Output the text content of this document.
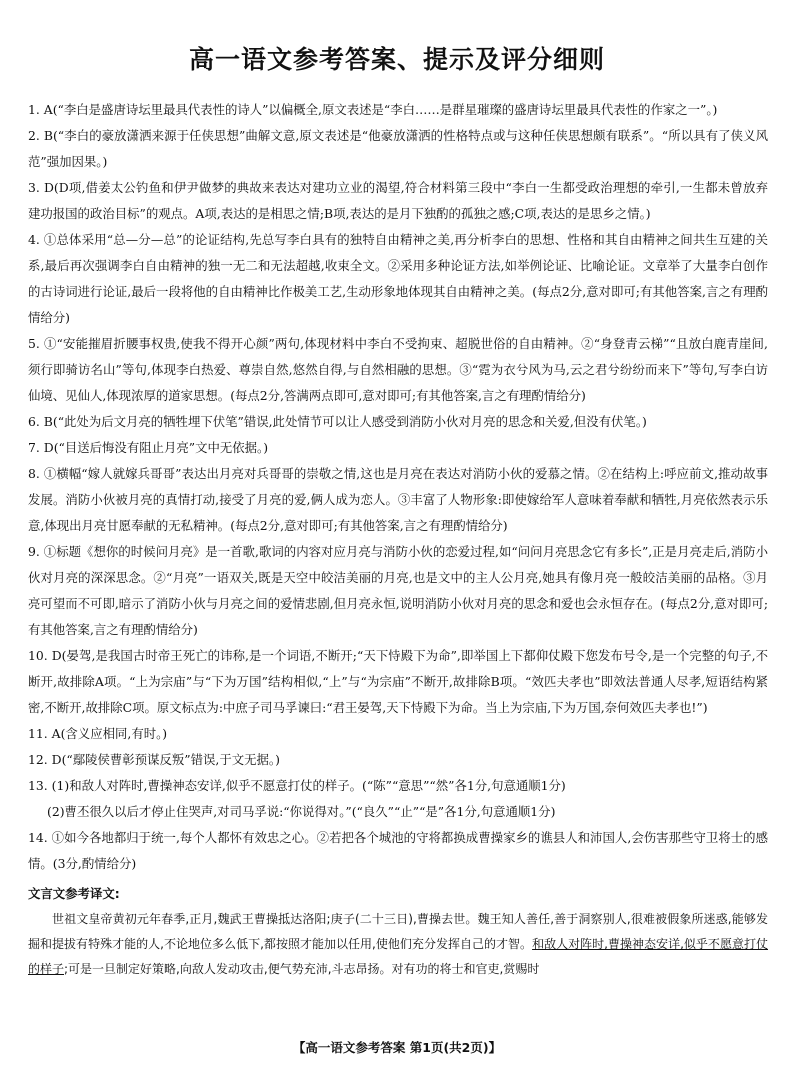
高一语文参考答案、提示及评分细则

1. A(“李白是盛唐诗坛里最具代表性的诗人”以偏概全,原文表述是“李白……是群星璀璨的盛唐诗坛里最具代表性的作家之一”。)

2. B(“李白的豪放潇洒来源于任侠思想”曲解文意,原文表述是“他豪放潇洒的性格特点或与这种任侠思想颇有联系”。“所以具有了侠义风范”强加因果。)

3. D(D项,借姜太公钓鱼和伊尹做梦的典故来表达对建功立业的渴望,符合材料第三段中“李白一生都受政治理想的牵引,一生都未曾放弃建功报国的政治目标”的观点。A项,表达的是相思之情;B项,表达的是月下独酌的孤独之感;C项,表达的是思乡之情。)

4. ①总体采用“总—分—总”的论证结构,先总写李白具有的独特自由精神之美,再分析李白的思想、性格和其自由精神之间共生互建的关系,最后再次强调李白自由精神的独一无二和无法超越,收束全文。②采用多种论证方法,如举例论证、比喻论证。文章举了大量李白创作的古诗词进行论证,最后一段将他的自由精神比作极美工艺,生动形象地体现其自由精神之美。(每点2分,意对即可;有其他答案,言之有理酌情给分)

5. ①“安能摧眉折腰事权贵,使我不得开心颜”两句,体现材料中李白不受拘束、超脱世俗的自由精神。②“身登青云梯”“且放白鹿青崖间,须行即骑访名山”等句,体现李白热爱、尊崇自然,悠然自得,与自然相融的思想。③“霓为衣兮风为马,云之君兮纷纷而来下”等句,写李白访仙境、见仙人,体现浓厚的道家思想。(每点2分,答满两点即可,意对即可;有其他答案,言之有理酌情给分)

6. B(“此处为后文月亮的牺牲埋下伏笔”错误,此处情节可以让人感受到消防小伙对月亮的思念和关爱,但没有伏笔。)

7. D(“目送后悔没有阻止月亮”文中无依据。)

8. ①横幅“嫁人就嫁兵哥哥”表达出月亮对兵哥哥的崇敬之情,这也是月亮在表达对消防小伙的爱慕之情。②在结构上:呼应前文,推动故事发展。消防小伙被月亮的真情打动,接受了月亮的爱,俩人成为恋人。③丰富了人物形象:即使嫁给军人意味着奉献和牺牲,月亮依然表示乐意,体现出月亮甘愿奉献的无私精神。(每点2分,意对即可;有其他答案,言之有理酌情给分)

9. ①标题《想你的时候问月亮》是一首歌,歌词的内容对应月亮与消防小伙的恋爱过程,如“问问月亮思念它有多长”,正是月亮走后,消防小伙对月亮的深深思念。②“月亮”一语双关,既是天空中皎洁美丽的月亮,也是文中的主人公月亮,她具有像月亮一般皎洁美丽的品格。③月亮可望而不可即,暗示了消防小伙与月亮之间的爱情悲剧,但月亮永恒,说明消防小伙对月亮的思念和爱也会永恒存在。(每点2分,意对即可;有其他答案,言之有理酌情给分)

10. D(晏驾,是我国古时帝王死亡的讳称,是一个词语,不断开;“天下恃殿下为命”,即举国上下都仰仗殿下您发布号令,是一个完整的句子,不断开,故排除A项。“上为宗庙”与“下为万国”结构相似,“上”与“为宗庙”不断开,故排除B项。“效匹夫孝也”即效法普通人尽孝,短语结构紧密,不断开,故排除C项。原文标点为:中庶子司马孚谏曰:“君王晏驾,天下恃殿下为命。当上为宗庙,下为万国,奈何效匹夫孝也!”)

11. A(含义应相同,有时。)

12. D(“鄢陵侯曹彰预谋反叛”错误,于文无据。)

13. (1)和敌人对阵时,曹操神态安详,似乎不愿意打仗的样子。(“陈”“意思”“然”各1分,句意通顺1分)

(2)曹丕很久以后才停止住哭声,对司马孚说:“你说得对。”(“良久”“止”“是”各1分,句意通顺1分)

14. ①如今各地都归于统一,每个人都怀有效忠之心。②若把各个城池的守将都换成曹操家乡的谯县人和沛国人,会伤害那些守卫将士的感情。(3分,酌情给分)

文言文参考译文:

世祖文皇帝黄初元年春季,正月,魏武王曹操抵达洛阳;庚子(二十三日),曹操去世。魏王知人善任,善于洞察别人,很难被假象所迷惑,能够发掘和提拔有特殊才能的人,不论地位多么低下,都按照才能加以任用,使他们充分发挥自己的才智。和敌人对阵时,曹操神态安详,似乎不愿意打仗的样子;可是一旦制定好策略,向敌人发动攻击,便气势充沛,斗志昂扬。对有功的将士和官吏,赏赐时

【高一语文参考答案 第1页(共2页)】
